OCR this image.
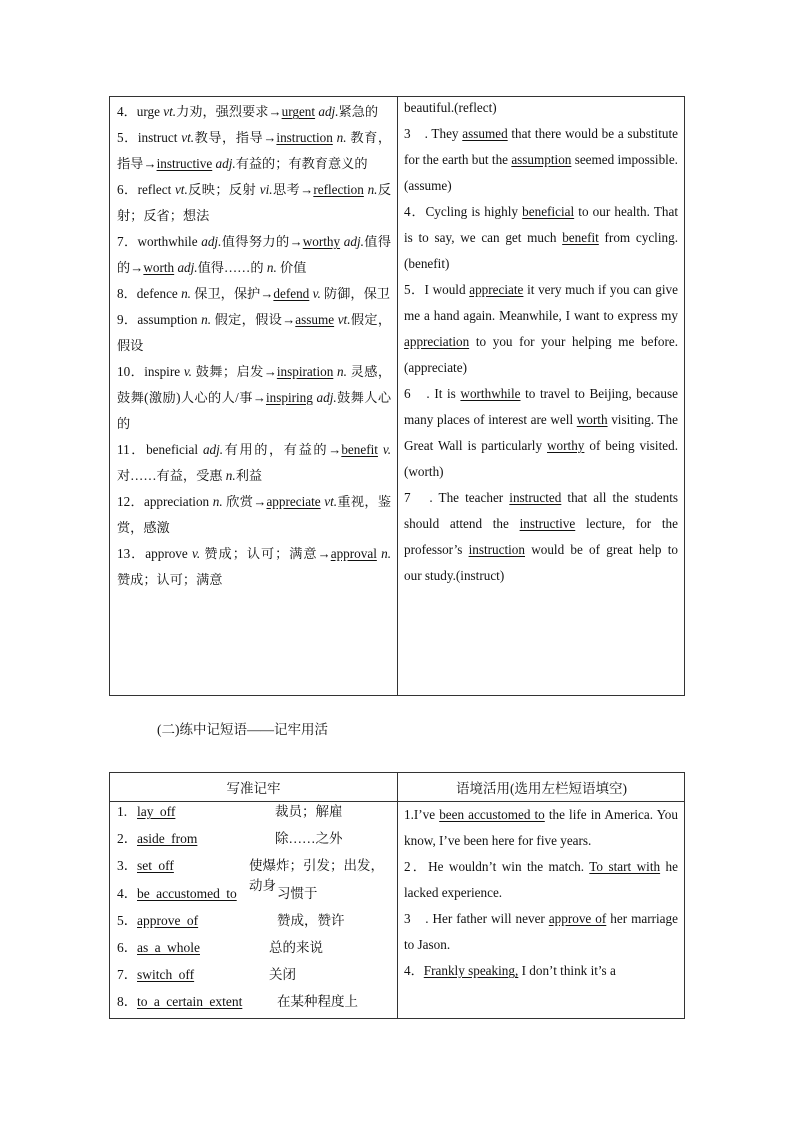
4．urge vt.力劝，强烈要求→urgent adj.紧急的

5．instruct vt.教导，指导→instruction n. 教育，指导→instructive adj.有益的；有教育意义的

6．reflect vt.反映；反射 vi.思考→reflection n.反射；反省；想法

7．worthwhile adj.值得努力的→worthy adj.值得的→worth adj.值得……的 n. 价值

8．defence n. 保卫，保护→defend v. 防御，保卫

9．assumption n. 假定，假设→assume vt.假定，假设

10．inspire v. 鼓舞；启发→inspiration n. 灵感，鼓舞(激励)人心的人/事→inspiring adj.鼓舞人心的

11．beneficial adj.有用的，有益的→benefit v. 对……有益，受惠 n.利益

12．appreciation n. 欣赏→appreciate vt.重视，鉴赏，感激

13．approve v. 赞成；认可；满意→approval n. 赞成；认可；满意

beautiful.(reflect)

3　. They assumed that there would be a substitute for the earth but the assumption seemed impossible.(assume)

4．Cycling is highly beneficial to our health. That is to say, we can get much benefit from cycling.(benefit)

5．I would appreciate it very much if you can give me a hand again. Meanwhile, I want to express my appreciation to you for your helping me before.(appreciate)

6　. It is worthwhile to travel to Beijing, because many places of interest are well worth visiting. The Great Wall is particularly worthy of being visited.(worth)

7　. The teacher instructed that all the students should attend the instructive lecture, for the professor’s instruction would be of great help to our study.(instruct)

(二)练中记短语——记牢用活
写准记牢	语境活用(选用左栏短语填空)
1. lay off	裁员；解雇
2． aside from	除……之外
3． set off	使爆炸；引发；出发，动身
4． be accustomed to	习惯于
5． approve of	赞成，赞许
6． as a whole	总的来说
7． switch off	关闭
8． to a certain extent	在某种程度上

1.I’ve been accustomed to the life in America. You know, I’ve been here for five years.

2．He wouldn’t win the match. To start with he lacked experience.

3　. Her father will never approve of her marriage to Jason.

4．Frankly speaking, I don’t think it’s a
